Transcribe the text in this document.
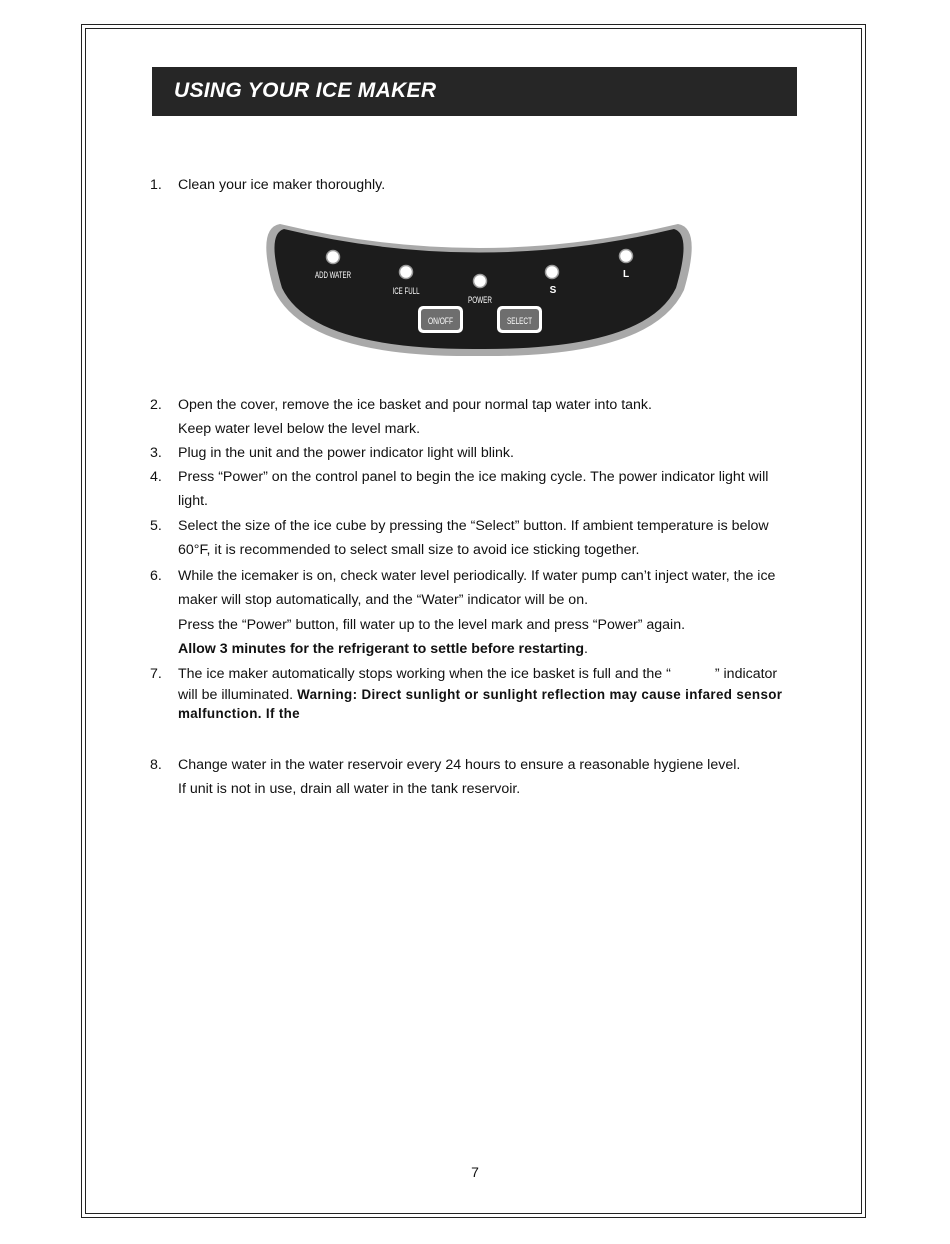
USING YOUR ICE MAKER
1. Clean your ice maker thoroughly.
ADD WATER
ICE FULL
POWER
S
L
ON/OFF	SELECT
2. Open the cover, remove the ice basket and pour normal tap water into tank.
Keep water level below the level mark.
3. Plug in the unit and the power indicator light will blink.
4. Press “Power” on the control panel to begin the ice making cycle. The power indicator light will
light.
5. Select the size of the ice cube by pressing the “Select” button. If ambient temperature is below
60°F, it is recommended to select small size to avoid ice sticking together.
6. While the icemaker is on, check water level periodically. If water pump can’t inject water, the ice
maker will stop automatically, and the “Water” indicator will be on.
Press the “Power” button, fill water up to the level mark and press “Power” again.
Allow 3 minutes for the refrigerant to settle before restarting.
7. The ice maker automatically stops working when the ice basket is full and the “	” indicator
will be illuminated. Warning: Direct sunlight or sunlight reflection may cause infared sensor
malfunction. If the
8. Change water in the water reservoir every 24 hours to ensure a reasonable hygiene level.
If unit is not in use, drain all water in the tank reservoir.
7
